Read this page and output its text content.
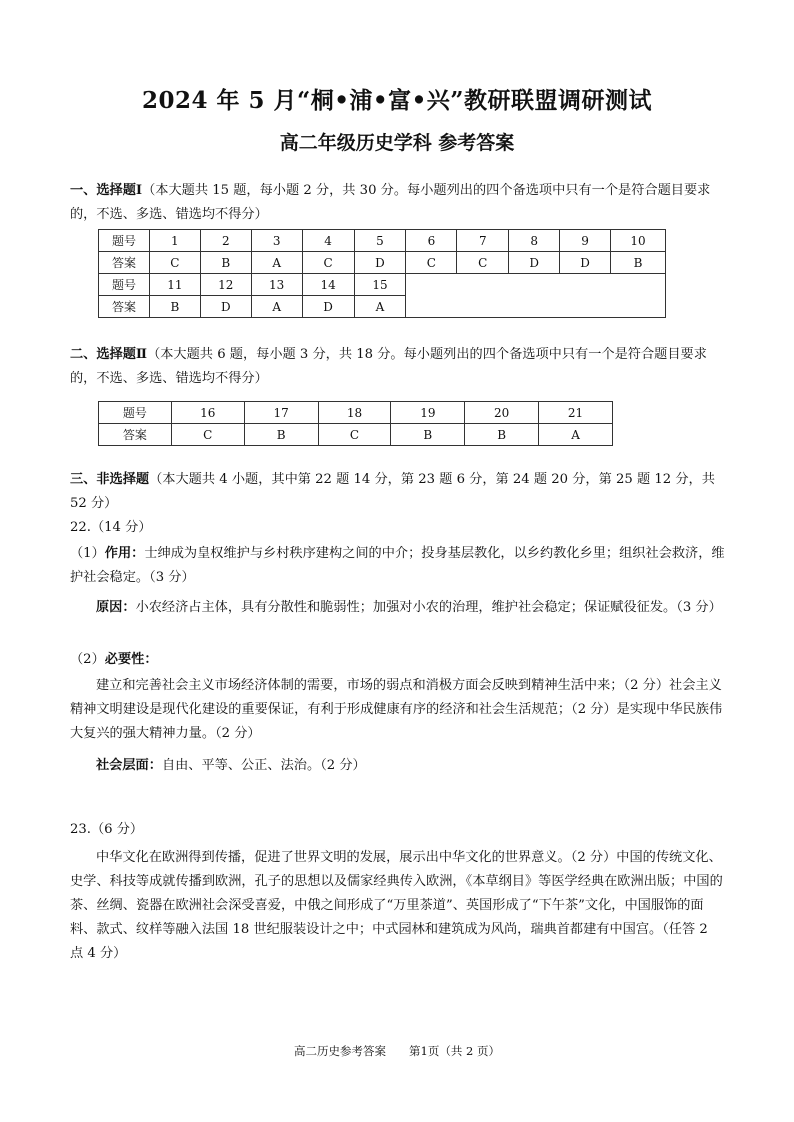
2024 年 5 月“桐•浦•富•兴”教研联盟调研测试
高二年级历史学科 参考答案
一、选择题Ⅰ（本大题共 15 题，每小题 2 分，共 30 分。每小题列出的四个备选项中只有一个是符合题目要求的，不选、多选、错选均不得分）
题号	1	2	3	4	5	6	7	8	9	10
答案	C	B	A	C	D	C	C	D	D	B
题号	11	12	13	14	15					
答案	B	D	A	D	A					
二、选择题Ⅱ（本大题共 6 题，每小题 3 分，共 18 分。每小题列出的四个备选项中只有一个是符合题目要求的，不选、多选、错选均不得分）
题号	16	17	18	19	20	21
答案	C	B	C	B	B	A
三、非选择题（本大题共 4 小题，其中第 22 题 14 分，第 23 题 6 分，第 24 题 20 分，第 25 题 12 分，共 52 分）
22.（14 分）
（1）作用：士绅成为皇权维护与乡村秩序建构之间的中介；投身基层教化，以乡约教化乡里；组织社会救济，维护社会稳定。（3 分）
原因：小农经济占主体，具有分散性和脆弱性；加强对小农的治理，维护社会稳定；保证赋役征发。（3 分）
（2）必要性：
建立和完善社会主义市场经济体制的需要，市场的弱点和消极方面会反映到精神生活中来；（2 分）社会主义精神文明建设是现代化建设的重要保证，有利于形成健康有序的经济和社会生活规范；（2 分）是实现中华民族伟大复兴的强大精神力量。（2 分）
社会层面：自由、平等、公正、法治。（2 分）
23.（6 分）
中华文化在欧洲得到传播，促进了世界文明的发展，展示出中华文化的世界意义。（2 分）中国的传统文化、史学、科技等成就传播到欧洲，孔子的思想以及儒家经典传入欧洲，《本草纲目》等医学经典在欧洲出版；中国的茶、丝绸、瓷器在欧洲社会深受喜爱，中俄之间形成了“万里茶道”、英国形成了“下午茶”文化，中国服饰的面料、款式、纹样等融入法国 18 世纪服装设计之中；中式园林和建筑成为风尚，瑞典首都建有中国宫。（任答 2 点 4 分）
高二历史参考答案　　第1页（共 2 页）
